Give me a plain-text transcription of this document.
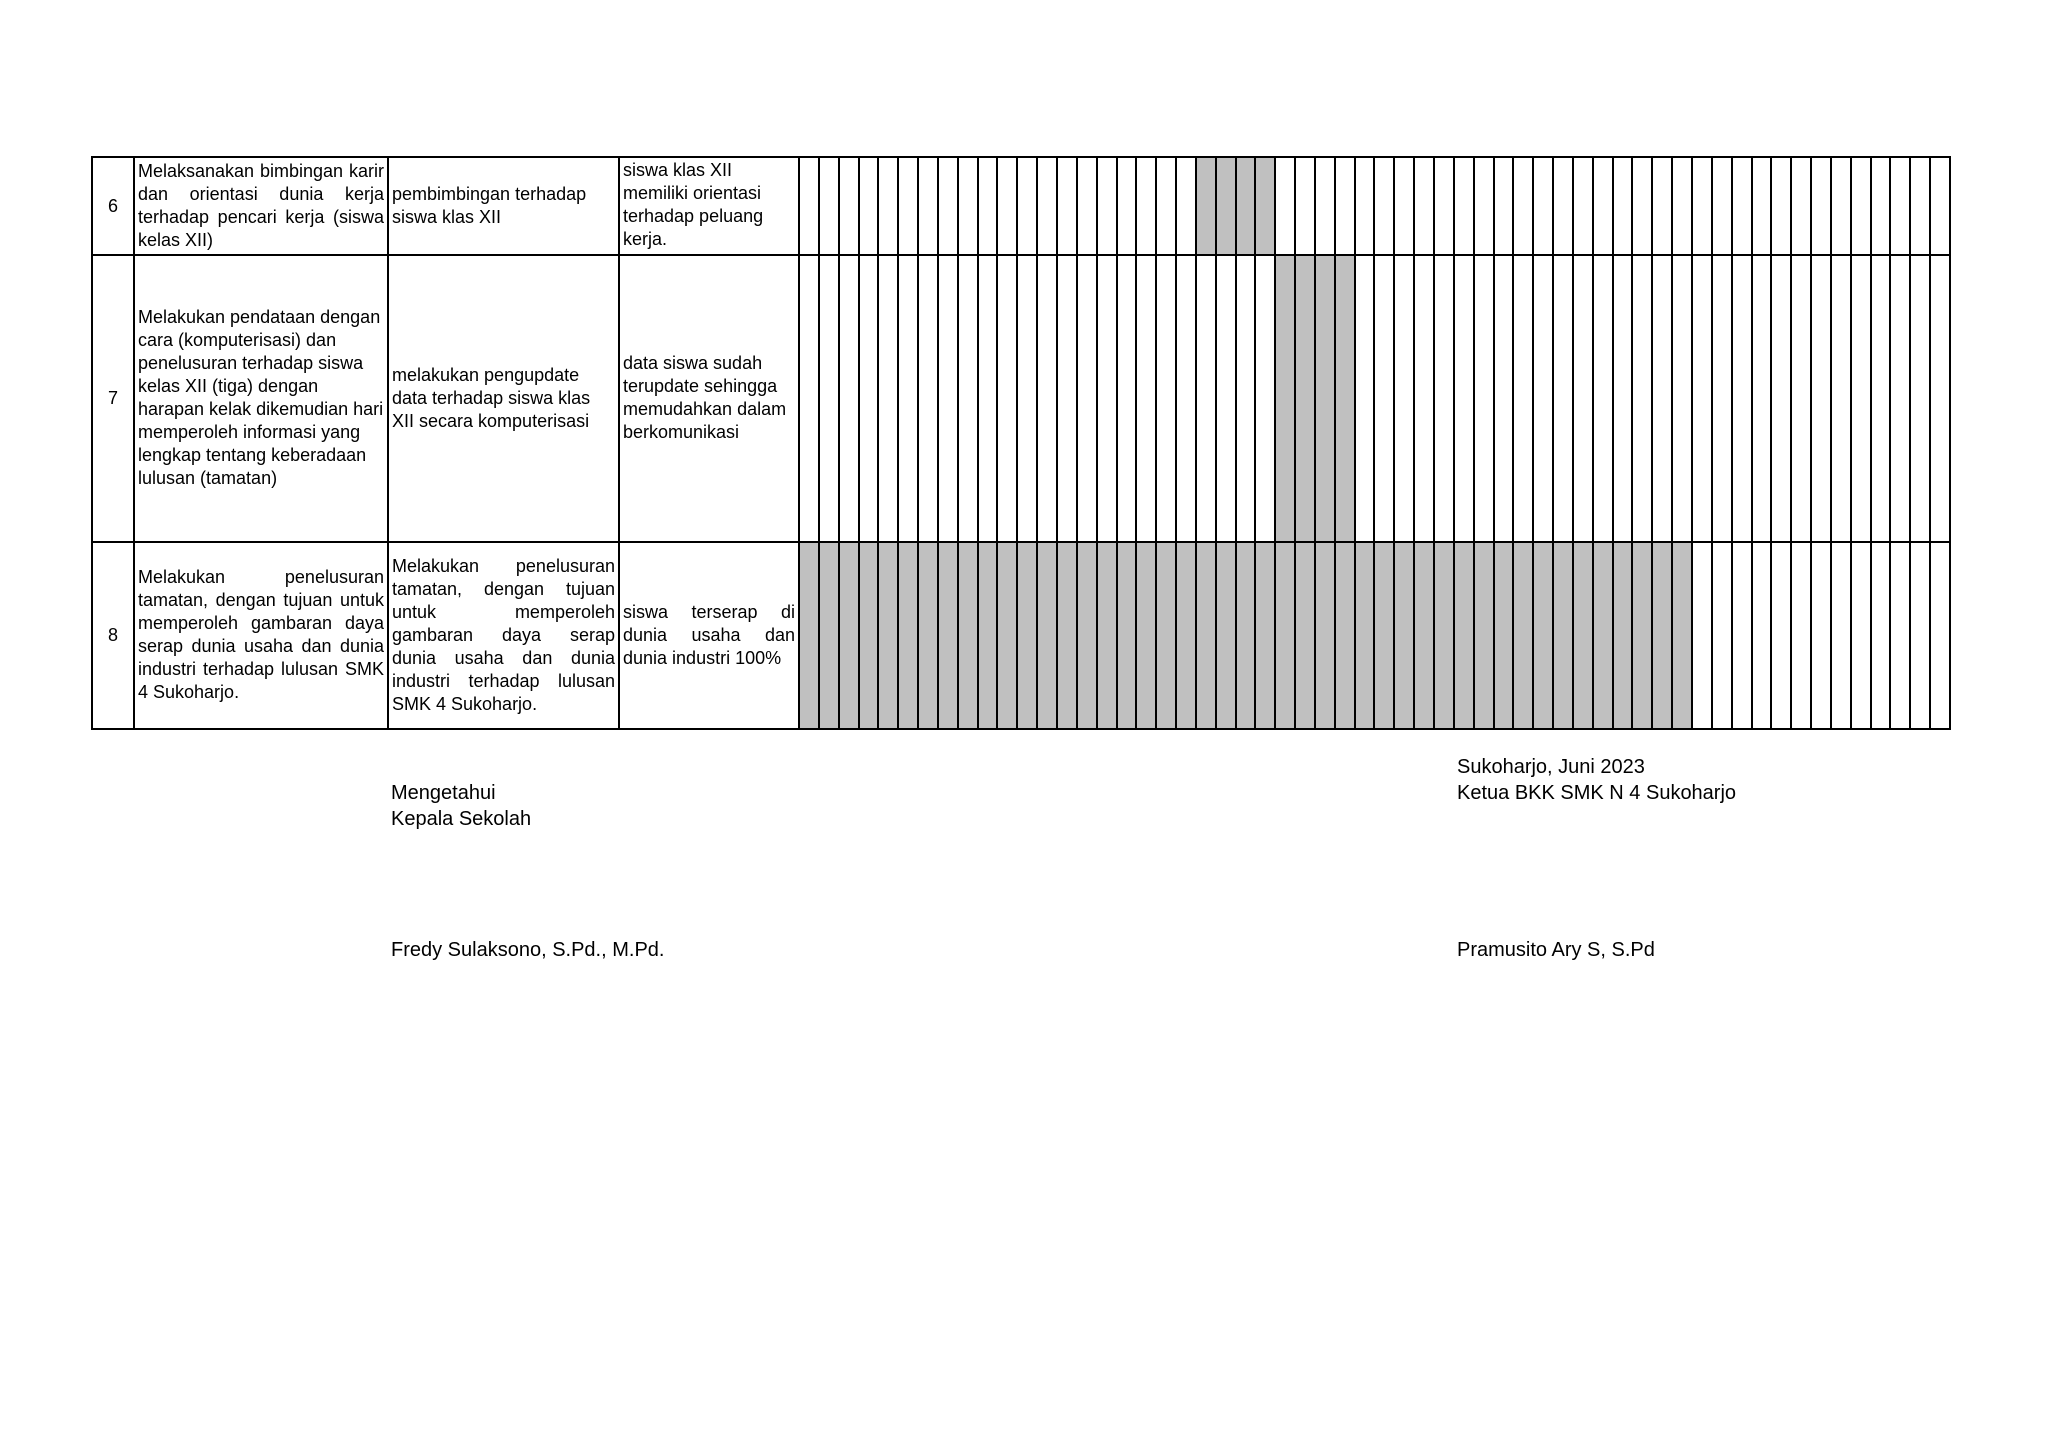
6	Melaksanakan bimbingan karir dan orientasi dunia kerja terhadap pencari kerja (siswa kelas XII)	pembimbingan terhadap siswa klas XII	siswa klas XII memiliki orientasi terhadap peluang kerja.																																																										
7	Melakukan pendataan dengan cara (komputerisasi) dan penelusuran terhadap siswa kelas XII (tiga) dengan harapan kelak dikemudian hari memperoleh informasi yang lengkap tentang keberadaan lulusan (tamatan)	melakukan pengupdate data terhadap siswa klas XII secara komputerisasi	data siswa sudah terupdate sehingga memudahkan dalam berkomunikasi																																																										
8	Melakukan penelusuran tamatan, dengan tujuan untuk memperoleh gambaran daya serap dunia usaha dan dunia industri terhadap lulusan SMK 4 Sukoharjo.	Melakukan penelusuran tamatan, dengan tujuan untuk memperoleh gambaran daya serap dunia usaha dan dunia industri terhadap lulusan SMK 4 Sukoharjo.	siswa terserap di dunia usaha dan dunia industri 100%																																																										
Mengetahui
Kepala Sekolah
Fredy Sulaksono, S.Pd., M.Pd.
Sukoharjo, Juni 2023
Ketua BKK SMK N 4 Sukoharjo
Pramusito Ary S, S.Pd
